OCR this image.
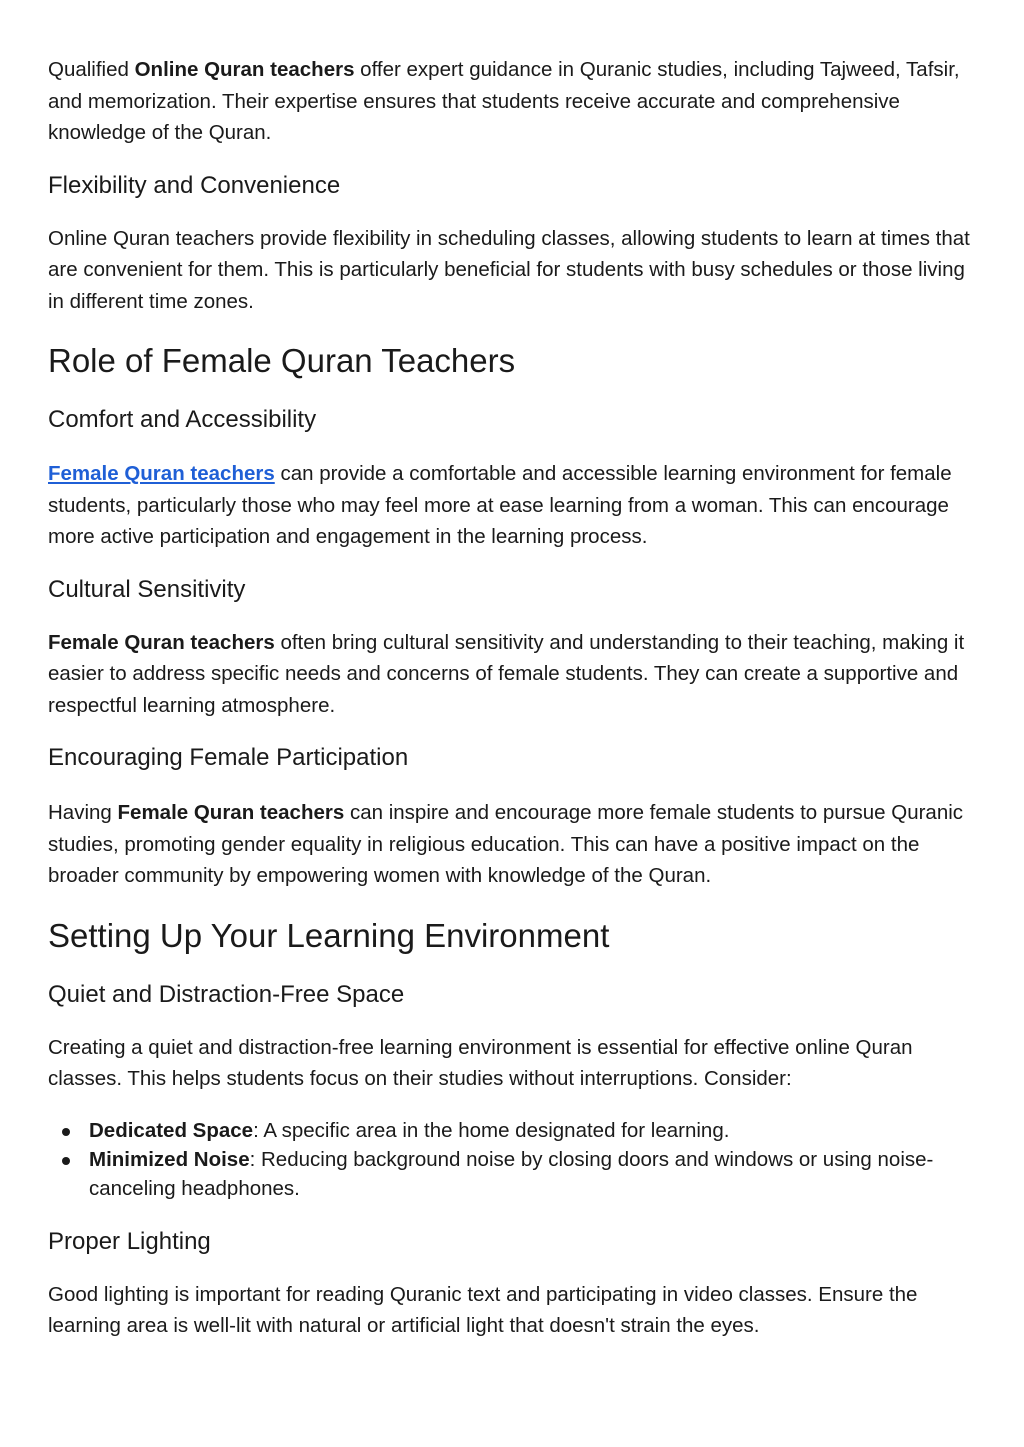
Qualified Online Quran teachers offer expert guidance in Quranic studies, including Tajweed, Tafsir, and memorization. Their expertise ensures that students receive accurate and comprehensive knowledge of the Quran.

Flexibility and Convenience

Online Quran teachers provide flexibility in scheduling classes, allowing students to learn at times that are convenient for them. This is particularly beneficial for students with busy schedules or those living in different time zones.

Role of Female Quran Teachers
Comfort and Accessibility

Female Quran teachers can provide a comfortable and accessible learning environment for female students, particularly those who may feel more at ease learning from a woman. This can encourage more active participation and engagement in the learning process.

Cultural Sensitivity

Female Quran teachers often bring cultural sensitivity and understanding to their teaching, making it easier to address specific needs and concerns of female students. They can create a supportive and respectful learning atmosphere.

Encouraging Female Participation

Having Female Quran teachers can inspire and encourage more female students to pursue Quranic studies, promoting gender equality in religious education. This can have a positive impact on the broader community by empowering women with knowledge of the Quran.

Setting Up Your Learning Environment
Quiet and Distraction-Free Space

Creating a quiet and distraction-free learning environment is essential for effective online Quran classes. This helps students focus on their studies without interruptions. Consider:

Dedicated Space: A specific area in the home designated for learning.
Minimized Noise: Reducing background noise by closing doors and windows or using noise-canceling headphones.
Proper Lighting

Good lighting is important for reading Quranic text and participating in video classes. Ensure the learning area is well-lit with natural or artificial light that doesn't strain the eyes.
